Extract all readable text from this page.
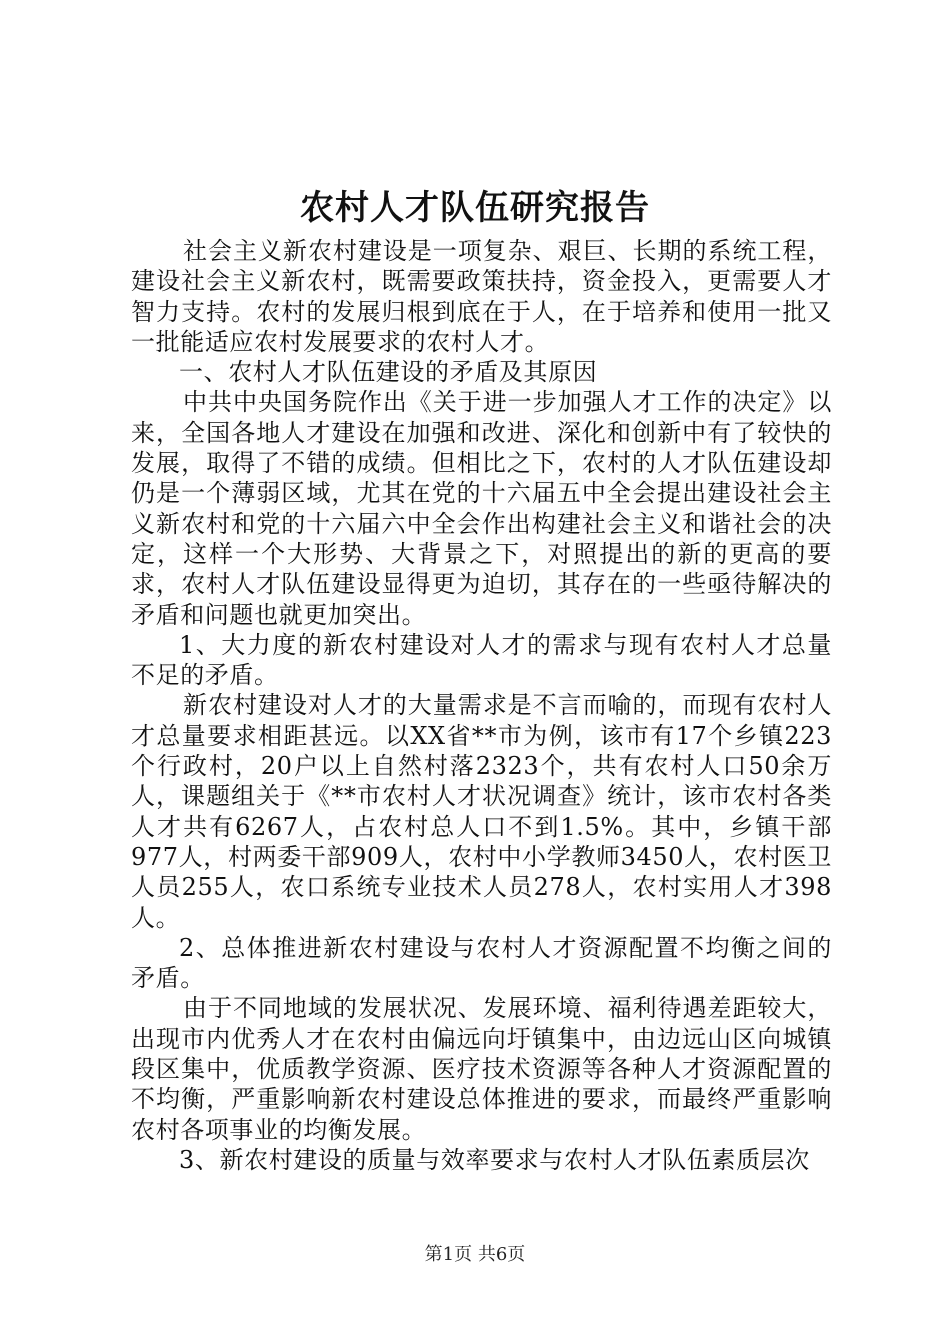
农村人才队伍研究报告

社会主义新农村建设是一项复杂、艰巨、长期的系统工程，建设社会主义新农村，既需要政策扶持，资金投入，更需要人才智力支持。农村的发展归根到底在于人，在于培养和使用一批又一批能适应农村发展要求的农村人才。

一、农村人才队伍建设的矛盾及其原因

中共中央国务院作出《关于进一步加强人才工作的决定》以来，全国各地人才建设在加强和改进、深化和创新中有了较快的发展，取得了不错的成绩。但相比之下，农村的人才队伍建设却仍是一个薄弱区域，尤其在党的十六届五中全会提出建设社会主义新农村和党的十六届六中全会作出构建社会主义和谐社会的决定，这样一个大形势、大背景之下，对照提出的新的更高的要求，农村人才队伍建设显得更为迫切，其存在的一些亟待解决的矛盾和问题也就更加突出。

1、大力度的新农村建设对人才的需求与现有农村人才总量不足的矛盾。

新农村建设对人才的大量需求是不言而喻的，而现有农村人才总量要求相距甚远。以XX省**市为例，该市有17个乡镇223个行政村，20户以上自然村落2323个，共有农村人口50余万人，课题组关于《**市农村人才状况调查》统计，该市农村各类人才共有6267人，占农村总人口不到1.5%。其中，乡镇干部977人，村两委干部909人，农村中小学教师3450人，农村医卫人员255人，农口系统专业技术人员278人，农村实用人才398人。

2、总体推进新农村建设与农村人才资源配置不均衡之间的矛盾。

由于不同地域的发展状况、发展环境、福利待遇差距较大，出现市内优秀人才在农村由偏远向圩镇集中，由边远山区向城镇段区集中，优质教学资源、医疗技术资源等各种人才资源配置的不均衡，严重影响新农村建设总体推进的要求，而最终严重影响农村各项事业的均衡发展。

3、新农村建设的质量与效率要求与农村人才队伍素质层次

第1页 共6页
